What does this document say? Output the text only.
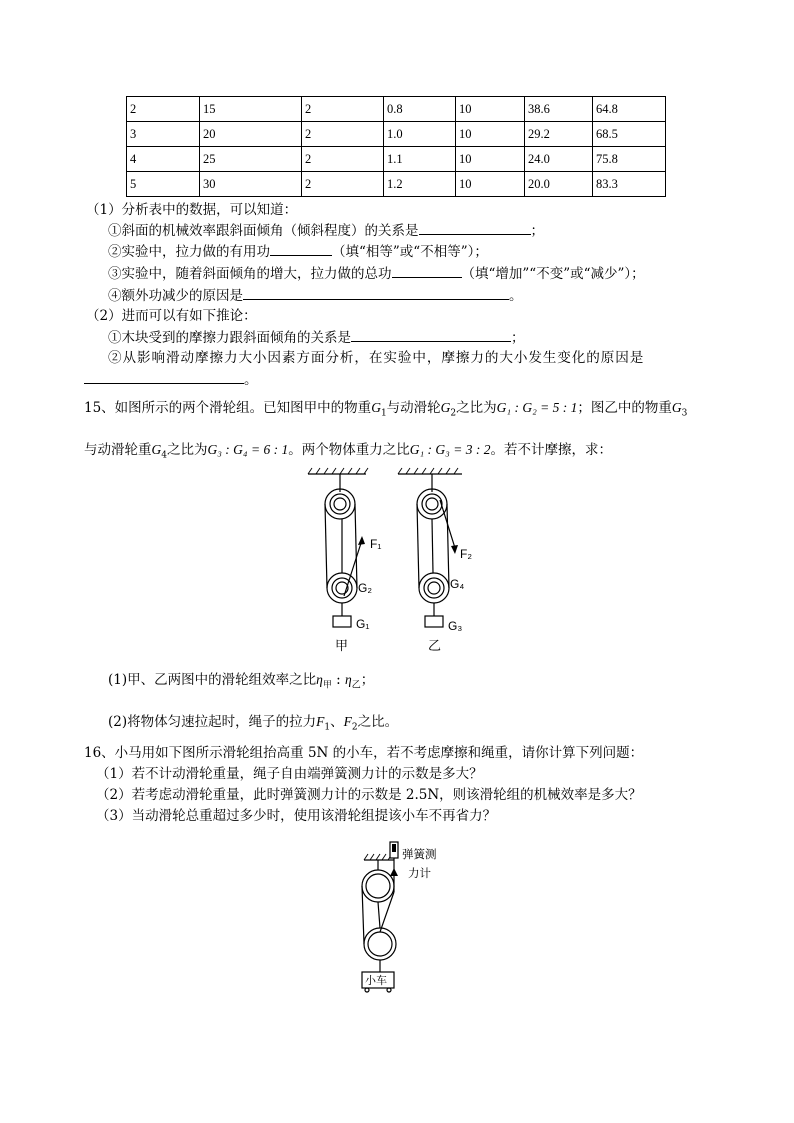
2	15	2	0.8	10	38.6	64.8
3	20	2	1.0	10	29.2	68.5
4	25	2	1.1	10	24.0	75.8
5	30	2	1.2	10	20.0	83.3
（1）分析表中的数据，可以知道：
①斜面的机械效率跟斜面倾角（倾斜程度）的关系是	；
②实验中，拉力做的有用功	（填“相等”或“不相等”）；
③实验中，随着斜面倾角的增大，拉力做的总功	（填“增加”“不变”或“减少”）；
④额外功减少的原因是	。
（2）进而可以有如下推论：
①木块受到的摩擦力跟斜面倾角的关系是	；
②从影响滑动摩擦力大小因素方面分析，在实验中，摩擦力的大小发生变化的原因是
。
15、如图所示的两个滑轮组。已知图甲中的物重$G_1$与动滑轮$G_2$之比为G₁ : G₂ = 5 : 1；图乙中的物重$G_3$
与动滑轮重$G_4$之比为G₃ : G₄ = 6 : 1。两个物体重力之比G₁ : G₃ = 3 : 2。若不计摩擦，求：
F₁
G₂
G₁
甲
F₂
G₄
G₃
乙
(1)甲、乙两图中的滑轮组效率之比$\eta_甲$ : $\eta_乙$；
(2)将物体匀速拉起时，绳子的拉力$F_1$、$F_2$之比。
16、小马用如下图所示滑轮组抬高重 5N 的小车，若不考虑摩擦和绳重，请你计算下列问题：
（1）若不计动滑轮重量，绳子自由端弹簧测力计的示数是多大？
（2）若考虑动滑轮重量，此时弹簧测力计的示数是 2.5N，则该滑轮组的机械效率是多大？
（3）当动滑轮总重超过多少时，使用该滑轮组提该小车不再省力？
弹簧测
力计
小车
